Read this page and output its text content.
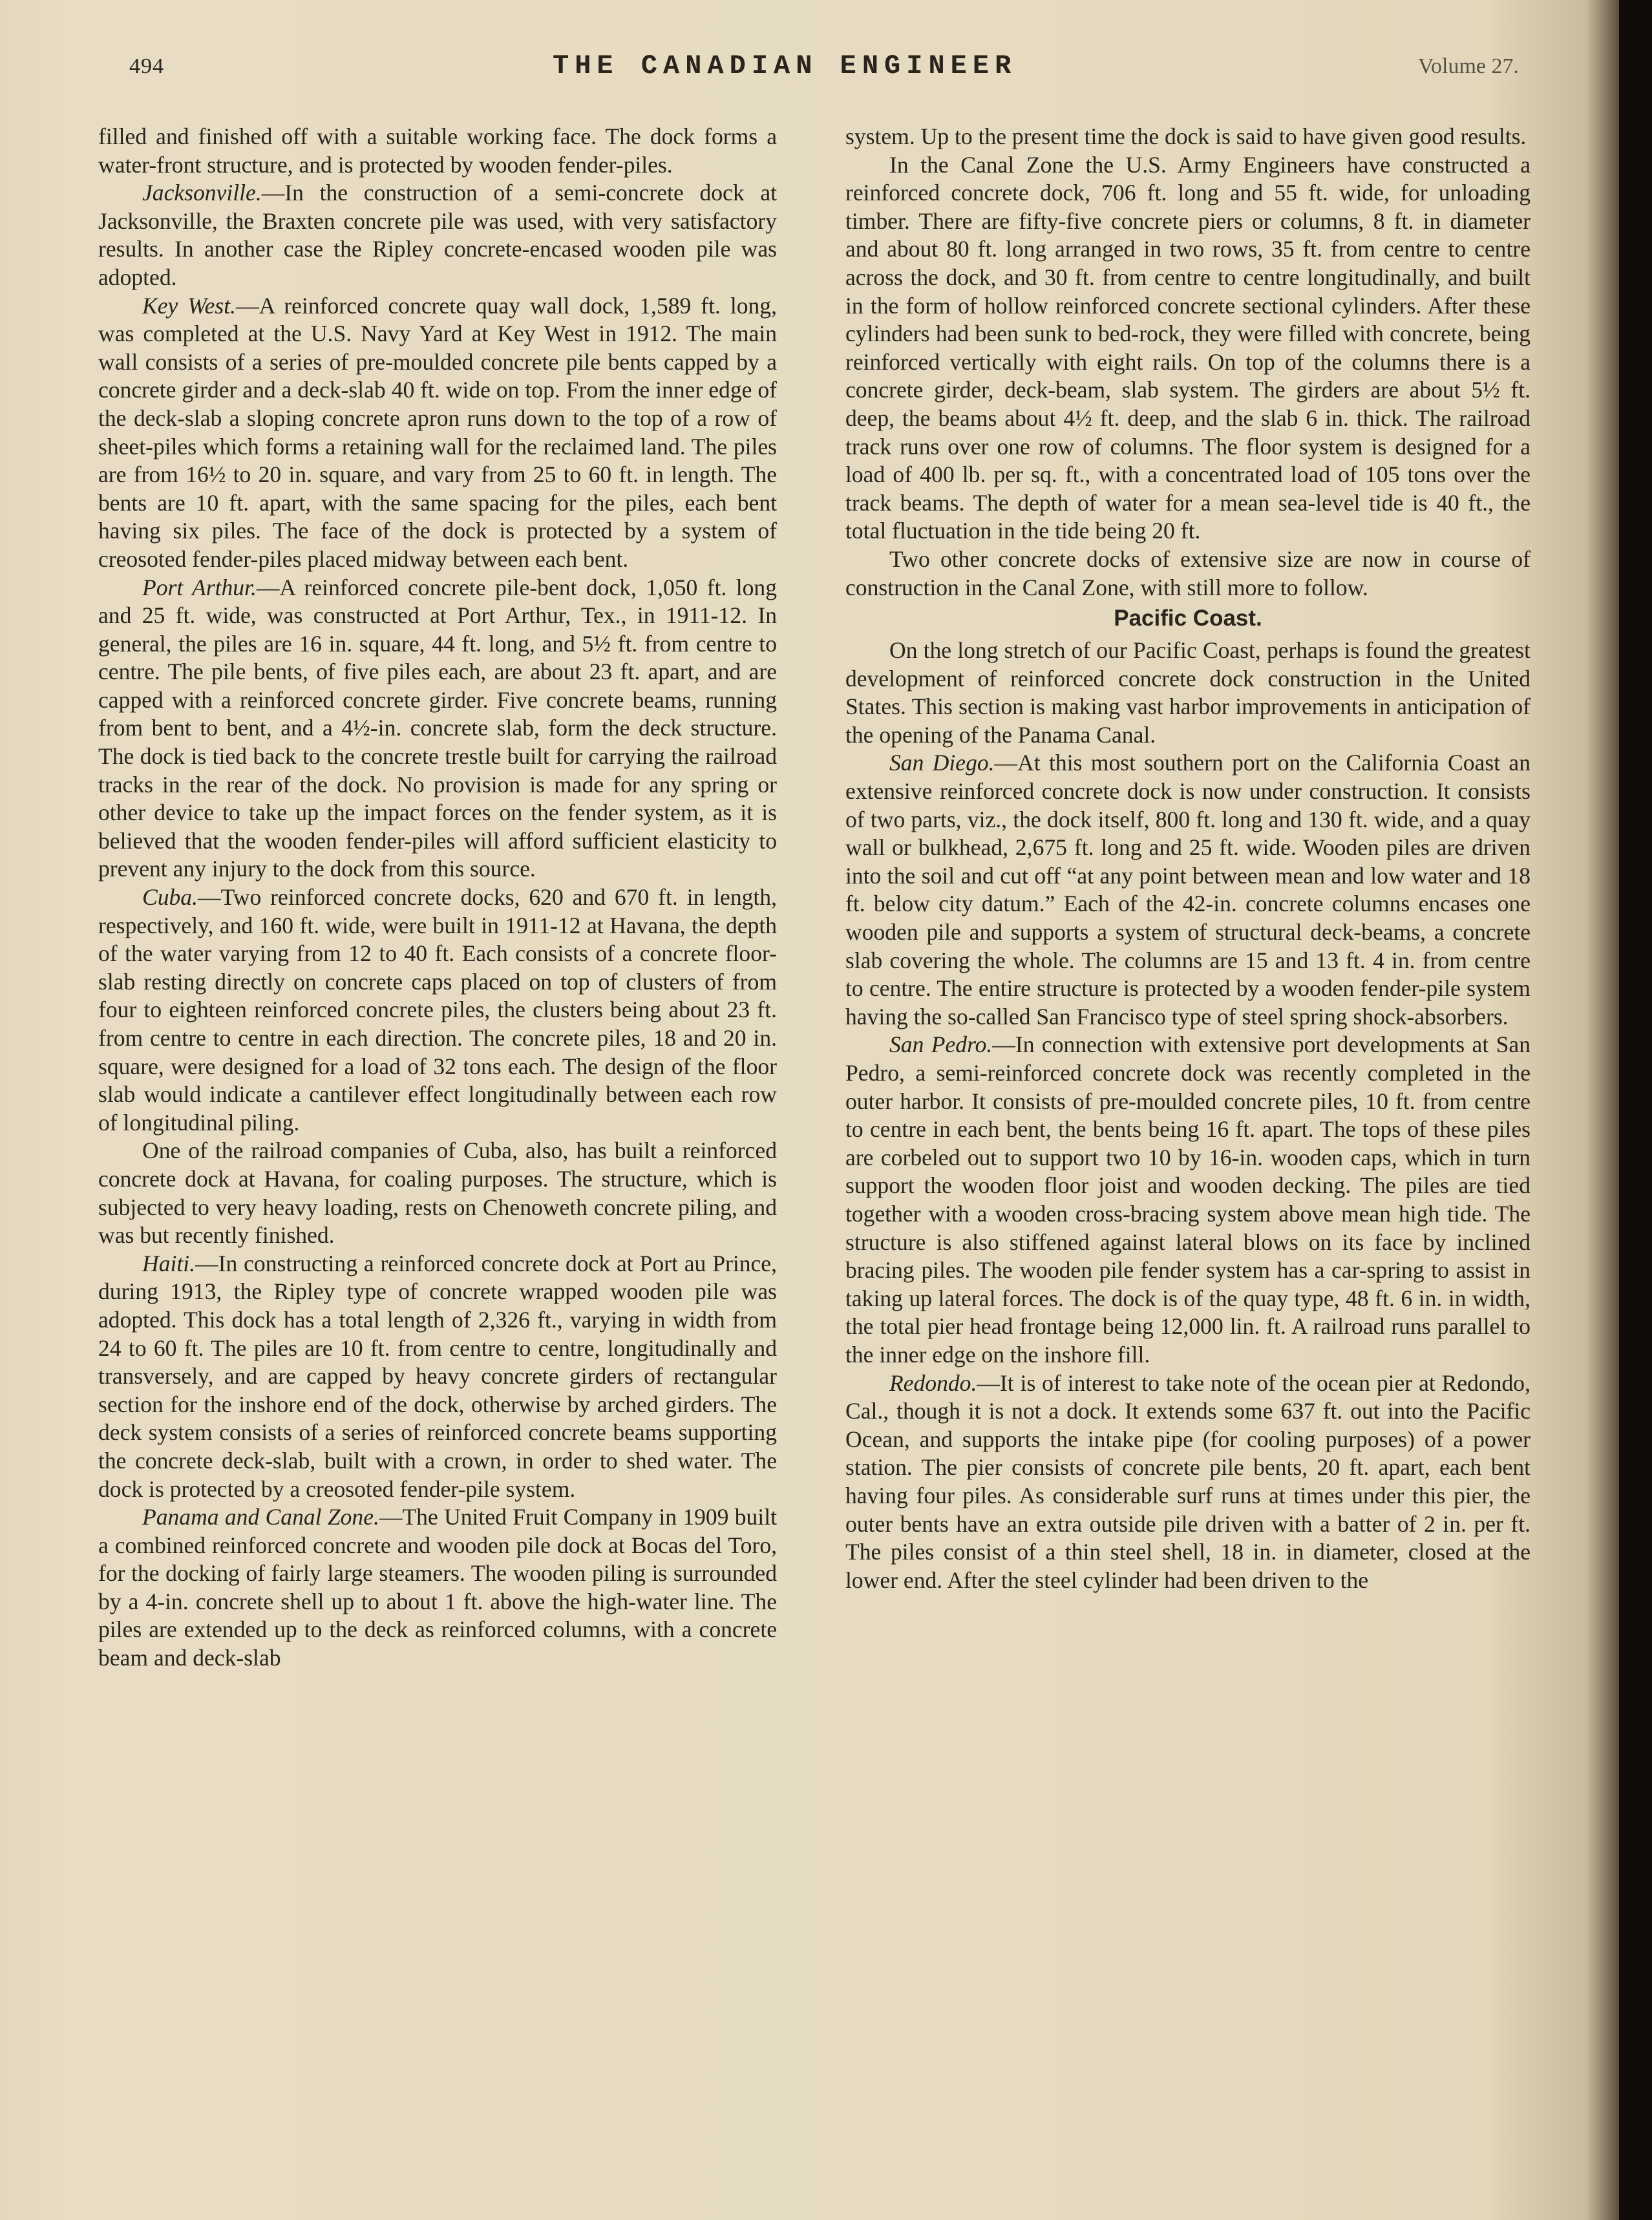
494	THE CANADIAN ENGINEER	Volume 27.

filled and finished off with a suitable working face. The dock forms a water-front structure, and is protected by wooden fender-piles.

Jacksonville.—In the construction of a semi-concrete dock at Jacksonville, the Braxten concrete pile was used, with very satisfactory results. In another case the Ripley concrete-encased wooden pile was adopted.

Key West.—A reinforced concrete quay wall dock, 1,589 ft. long, was completed at the U.S. Navy Yard at Key West in 1912. The main wall consists of a series of pre-moulded concrete pile bents capped by a concrete girder and a deck-slab 40 ft. wide on top. From the inner edge of the deck-slab a sloping concrete apron runs down to the top of a row of sheet-piles which forms a retaining wall for the reclaimed land. The piles are from 16½ to 20 in. square, and vary from 25 to 60 ft. in length. The bents are 10 ft. apart, with the same spacing for the piles, each bent having six piles. The face of the dock is protected by a system of creosoted fender-piles placed midway between each bent.

Port Arthur.—A reinforced concrete pile-bent dock, 1,050 ft. long and 25 ft. wide, was constructed at Port Arthur, Tex., in 1911-12. In general, the piles are 16 in. square, 44 ft. long, and 5½ ft. from centre to centre. The pile bents, of five piles each, are about 23 ft. apart, and are capped with a reinforced concrete girder. Five concrete beams, running from bent to bent, and a 4½-in. concrete slab, form the deck structure. The dock is tied back to the concrete trestle built for carrying the railroad tracks in the rear of the dock. No provision is made for any spring or other device to take up the impact forces on the fender system, as it is believed that the wooden fender-piles will afford sufficient elasticity to prevent any injury to the dock from this source.

Cuba.—Two reinforced concrete docks, 620 and 670 ft. in length, respectively, and 160 ft. wide, were built in 1911-12 at Havana, the depth of the water varying from 12 to 40 ft. Each consists of a concrete floor-slab resting directly on concrete caps placed on top of clusters of from four to eighteen reinforced concrete piles, the clusters being about 23 ft. from centre to centre in each direction. The concrete piles, 18 and 20 in. square, were designed for a load of 32 tons each. The design of the floor slab would indicate a cantilever effect longitudinally between each row of longitudinal piling.

One of the railroad companies of Cuba, also, has built a reinforced concrete dock at Havana, for coaling purposes. The structure, which is subjected to very heavy loading, rests on Chenoweth concrete piling, and was but recently finished.

Haiti.—In constructing a reinforced concrete dock at Port au Prince, during 1913, the Ripley type of concrete wrapped wooden pile was adopted. This dock has a total length of 2,326 ft., varying in width from 24 to 60 ft. The piles are 10 ft. from centre to centre, longitudinally and transversely, and are capped by heavy concrete girders of rectangular section for the inshore end of the dock, otherwise by arched girders. The deck system consists of a series of reinforced concrete beams supporting the concrete deck-slab, built with a crown, in order to shed water. The dock is protected by a creosoted fender-pile system.

Panama and Canal Zone.—The United Fruit Company in 1909 built a combined reinforced concrete and wooden pile dock at Bocas del Toro, for the docking of fairly large steamers. The wooden piling is surrounded by a 4-in. concrete shell up to about 1 ft. above the high-water line. The piles are extended up to the deck as reinforced columns, with a concrete beam and deck-slab

system. Up to the present time the dock is said to have given good results.

In the Canal Zone the U.S. Army Engineers have constructed a reinforced concrete dock, 706 ft. long and 55 ft. wide, for unloading timber. There are fifty-five concrete piers or columns, 8 ft. in diameter and about 80 ft. long arranged in two rows, 35 ft. from centre to centre across the dock, and 30 ft. from centre to centre longitudinally, and built in the form of hollow reinforced concrete sectional cylinders. After these cylinders had been sunk to bed-rock, they were filled with concrete, being reinforced vertically with eight rails. On top of the columns there is a concrete girder, deck-beam, slab system. The girders are about 5½ ft. deep, the beams about 4½ ft. deep, and the slab 6 in. thick. The railroad track runs over one row of columns. The floor system is designed for a load of 400 lb. per sq. ft., with a concentrated load of 105 tons over the track beams. The depth of water for a mean sea-level tide is 40 ft., the total fluctuation in the tide being 20 ft.

Two other concrete docks of extensive size are now in course of construction in the Canal Zone, with still more to follow.

Pacific Coast.

On the long stretch of our Pacific Coast, perhaps is found the greatest development of reinforced concrete dock construction in the United States. This section is making vast harbor improvements in anticipation of the opening of the Panama Canal.

San Diego.—At this most southern port on the California Coast an extensive reinforced concrete dock is now under construction. It consists of two parts, viz., the dock itself, 800 ft. long and 130 ft. wide, and a quay wall or bulkhead, 2,675 ft. long and 25 ft. wide. Wooden piles are driven into the soil and cut off “at any point between mean and low water and 18 ft. below city datum.” Each of the 42-in. concrete columns encases one wooden pile and supports a system of structural deck-beams, a concrete slab covering the whole. The columns are 15 and 13 ft. 4 in. from centre to centre. The entire structure is protected by a wooden fender-pile system having the so-called San Francisco type of steel spring shock-absorbers.

San Pedro.—In connection with extensive port developments at San Pedro, a semi-reinforced concrete dock was recently completed in the outer harbor. It consists of pre-moulded concrete piles, 10 ft. from centre to centre in each bent, the bents being 16 ft. apart. The tops of these piles are corbeled out to support two 10 by 16-in. wooden caps, which in turn support the wooden floor joist and wooden decking. The piles are tied together with a wooden cross-bracing system above mean high tide. The structure is also stiffened against lateral blows on its face by inclined bracing piles. The wooden pile fender system has a car-spring to assist in taking up lateral forces. The dock is of the quay type, 48 ft. 6 in. in width, the total pier head frontage being 12,000 lin. ft. A railroad runs parallel to the inner edge on the inshore fill.

Redondo.—It is of interest to take note of the ocean pier at Redondo, Cal., though it is not a dock. It extends some 637 ft. out into the Pacific Ocean, and supports the intake pipe (for cooling purposes) of a power station. The pier consists of concrete pile bents, 20 ft. apart, each bent having four piles. As considerable surf runs at times under this pier, the outer bents have an extra outside pile driven with a batter of 2 in. per ft. The piles consist of a thin steel shell, 18 in. in diameter, closed at the lower end. After the steel cylinder had been driven to the
